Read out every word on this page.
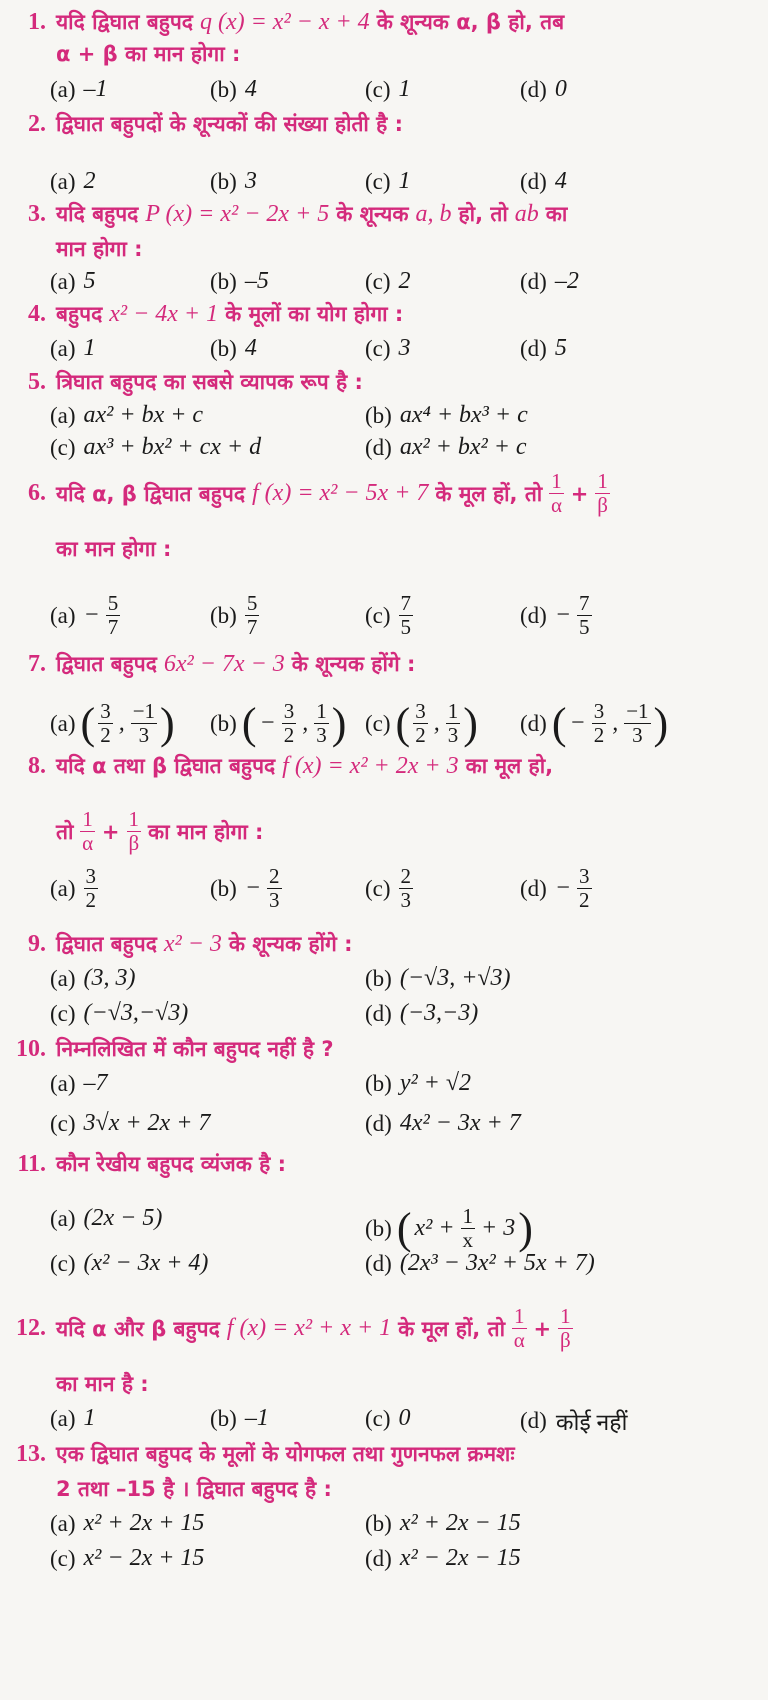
1. यदि द्विघात बहुपद q (x) = x² − x + 4 के शून्यक α, β हो, तब
α + β का मान होगा :
(a) –1	(b) 4	(c) 1	(d) 0
2. द्विघात बहुपदों के शून्यकों की संख्या होती है :
(a) 2	(b) 3	(c) 1	(d) 4
3. यदि बहुपद P (x) = x² − 2x + 5 के शून्यक a, b हो, तो ab का
मान होगा :
(a) 5	(b) –5	(c) 2	(d) –2
4. बहुपद x² − 4x + 1 के मूलों का योग होगा :
(a) 1	(b) 4	(c) 3	(d) 5
5. त्रिघात बहुपद का सबसे व्यापक रूप है :
(a) ax² + bx + c	(b) ax⁴ + bx³ + c
(c) ax³ + bx² + cx + d	(d) ax² + bx² + c
6. यदि α, β द्विघात बहुपद f (x) = x² − 5x + 7 के मूल हों, तो $\frac{1}{\alpha} + \frac{1}{\beta}$
का मान होगा :
$(a) - \frac{5}{7}$	$(b) \frac{5}{7}$	$(c) \frac{7}{5}$	$(d) - \frac{7}{5}$
7. द्विघात बहुपद 6x² − 7x − 3 के शून्यक होंगे :
(a) ( $\frac{3}{2}$ , $\frac{-1}{3}$ ) (b) ( − $\frac{3}{2}$ , $\frac{1}{3}$ ) (c) ( $\frac{3}{2}$ , $\frac{1}{3}$ ) (d) ( − $\frac{3}{2}$ , $\frac{-1}{3}$ )
8. यदि α तथा β द्विघात बहुपद f (x) = x² + 2x + 3 का मूल हो,
तो $\frac{1}{\alpha} + \frac{1}{\beta}$ का मान होगा :
$(a) \frac{3}{2}$	$(b) - \frac{2}{3}$	$(c) \frac{2}{3}$	$(d) - \frac{3}{2}$
9. द्विघात बहुपद x² − 3 के शून्यक होंगे :
(a) (3, 3)	(b) (−√3, +√3)
(c) (−√3,−√3)	(d) (−3,−3)
10. निम्नलिखित में कौन बहुपद नहीं है ?
(a) –7	(b) y² + √2
(c) 3√x + 2x + 7	(d) 4x² − 3x + 7
11. कौन रेखीय बहुपद व्यंजक है :
(a) (2x − 5)	(b) ( $x^2 + \frac{1}{x} + 3$ )
(c) (x² − 3x + 4)	(d) (2x³ − 3x² + 5x + 7)
12. यदि α और β बहुपद f (x) = x² + x + 1 के मूल हों, तो $\frac{1}{\alpha} + \frac{1}{\beta}$
का मान है :
(a) 1	(b) –1	(c) 0	(d) कोई नहीं
13. एक द्विघात बहुपद के मूलों के योगफल तथा गुणनफल क्रमशः
2 तथा –15 है । द्विघात बहुपद है :
(a) x² + 2x + 15	(b) x² + 2x − 15
(c) x² − 2x + 15	(d) x² − 2x − 15
